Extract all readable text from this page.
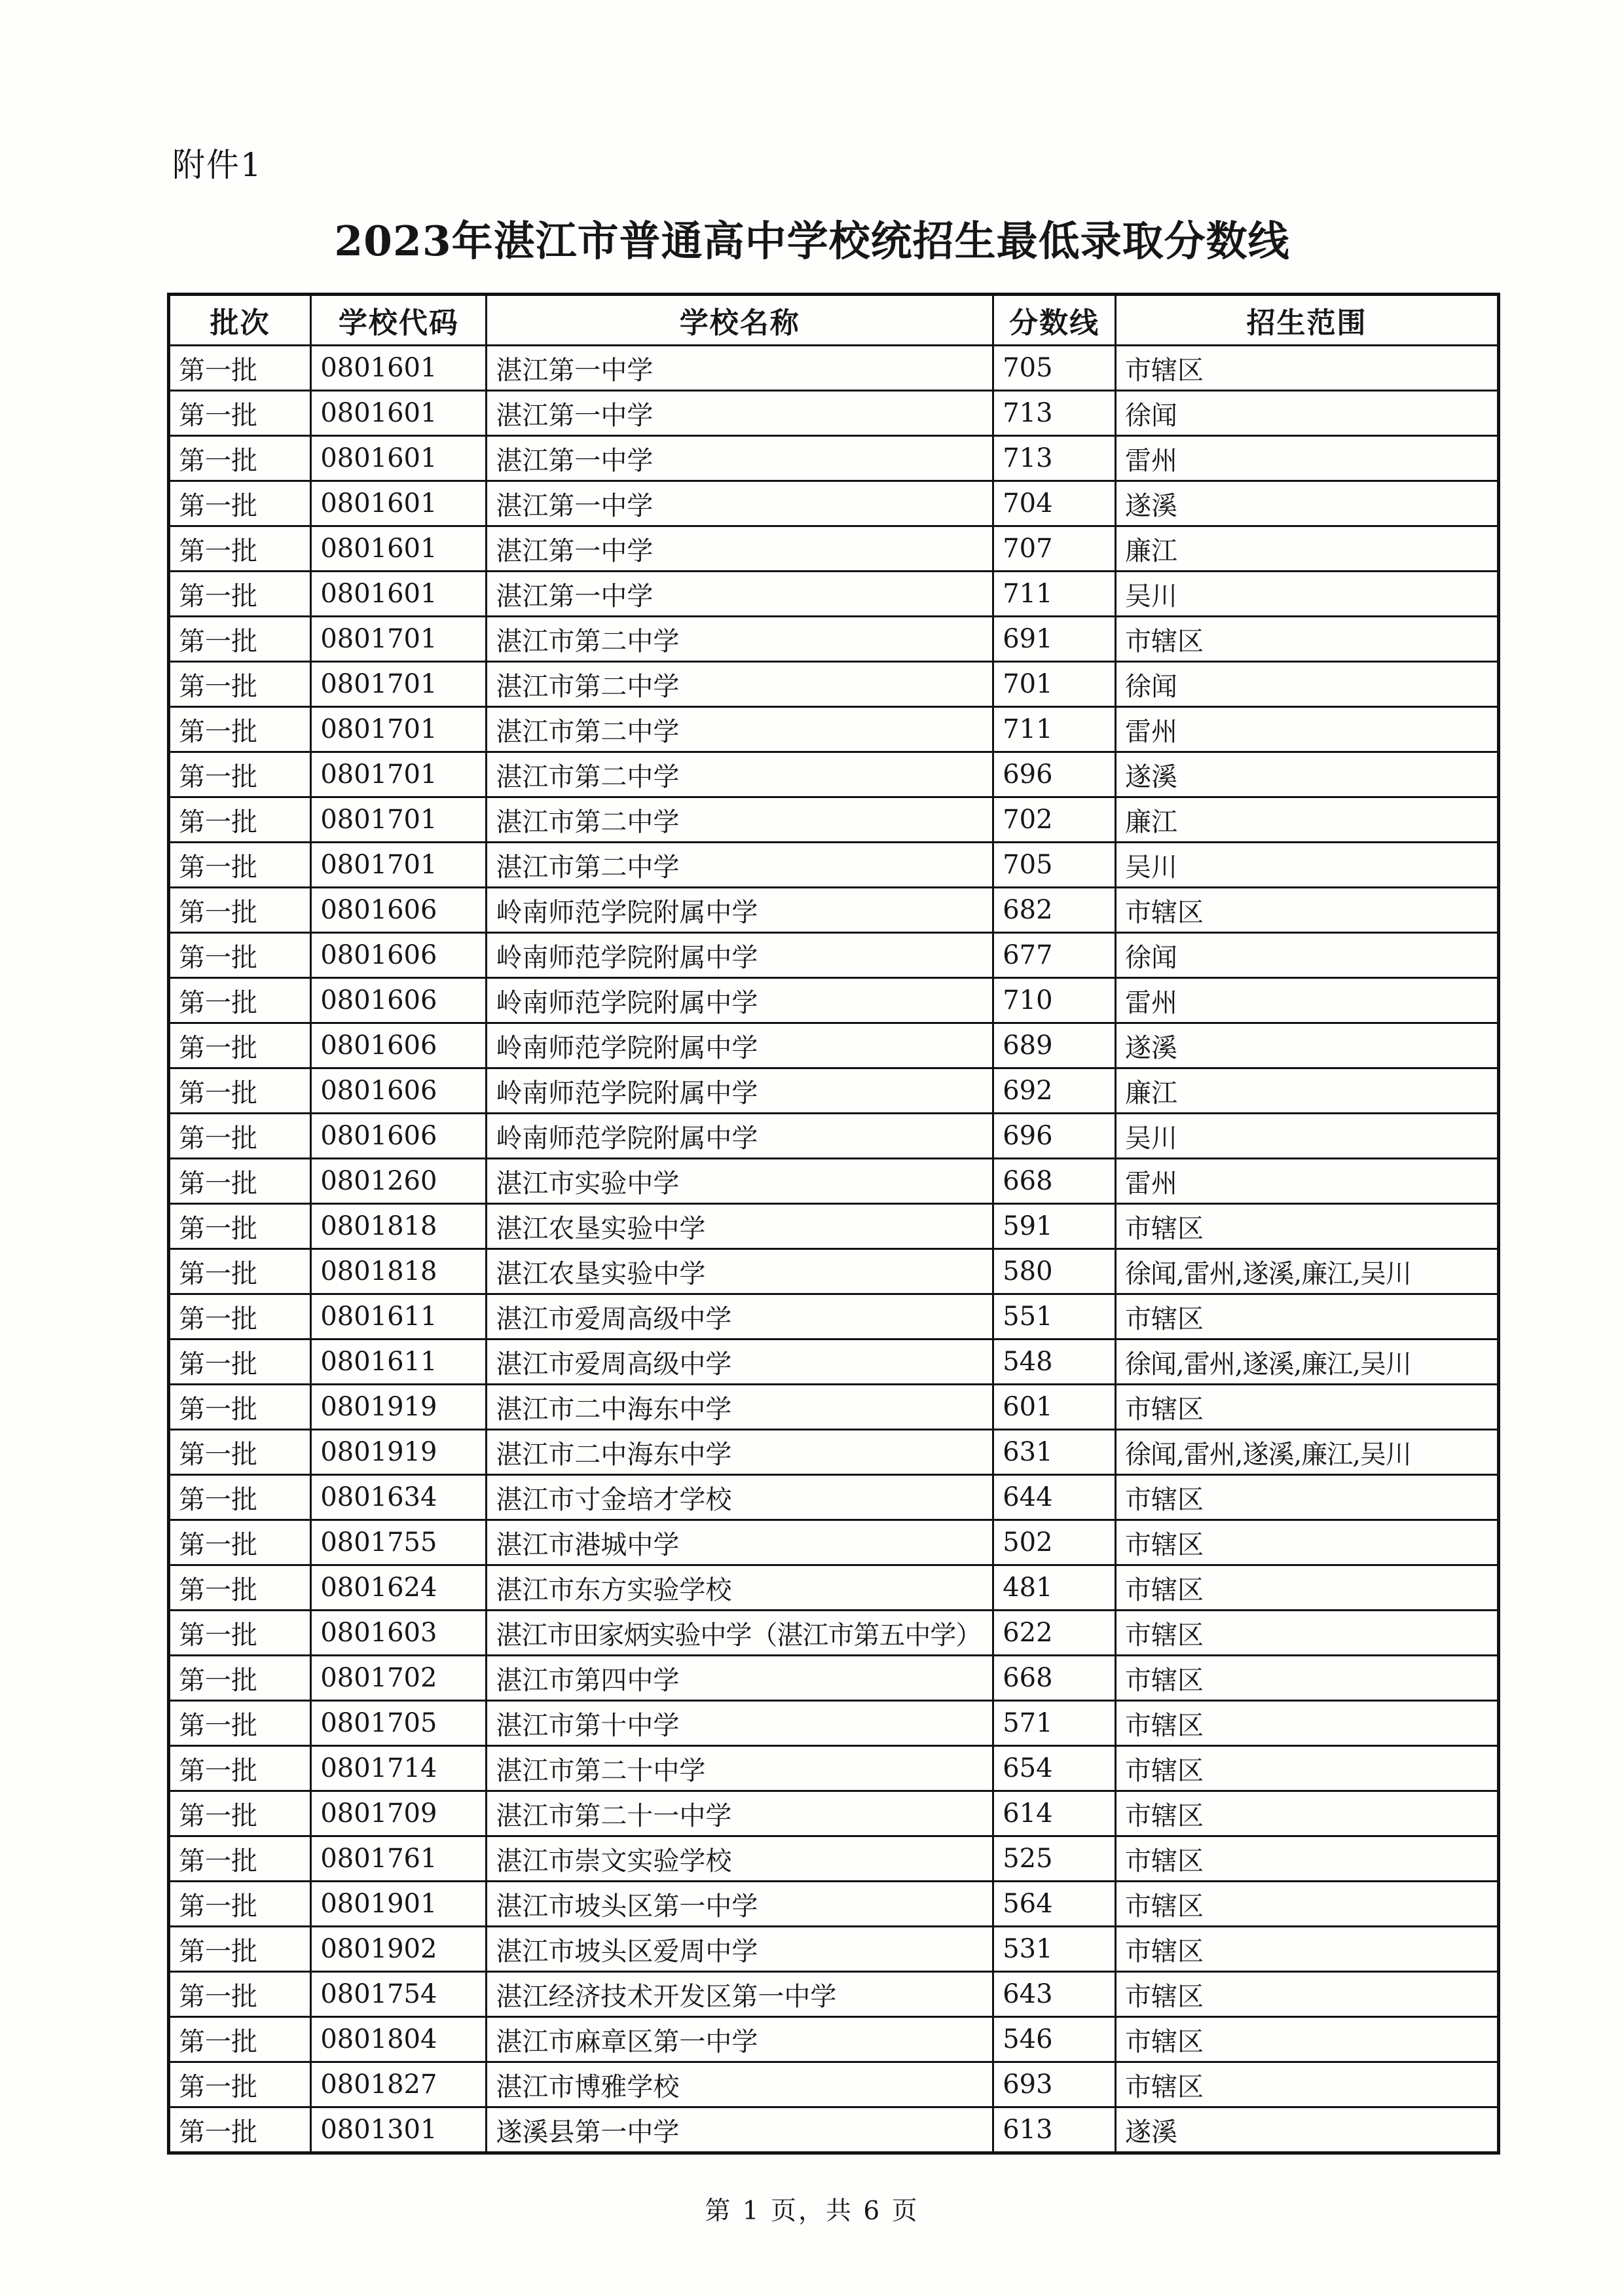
附件1
2023年湛江市普通高中学校统招生最低录取分数线
批次	学校代码	学校名称	分数线	招生范围
第一批	0801601	湛江第一中学	705	市辖区
第一批	0801601	湛江第一中学	713	徐闻
第一批	0801601	湛江第一中学	713	雷州
第一批	0801601	湛江第一中学	704	遂溪
第一批	0801601	湛江第一中学	707	廉江
第一批	0801601	湛江第一中学	711	吴川
第一批	0801701	湛江市第二中学	691	市辖区
第一批	0801701	湛江市第二中学	701	徐闻
第一批	0801701	湛江市第二中学	711	雷州
第一批	0801701	湛江市第二中学	696	遂溪
第一批	0801701	湛江市第二中学	702	廉江
第一批	0801701	湛江市第二中学	705	吴川
第一批	0801606	岭南师范学院附属中学	682	市辖区
第一批	0801606	岭南师范学院附属中学	677	徐闻
第一批	0801606	岭南师范学院附属中学	710	雷州
第一批	0801606	岭南师范学院附属中学	689	遂溪
第一批	0801606	岭南师范学院附属中学	692	廉江
第一批	0801606	岭南师范学院附属中学	696	吴川
第一批	0801260	湛江市实验中学	668	雷州
第一批	0801818	湛江农垦实验中学	591	市辖区
第一批	0801818	湛江农垦实验中学	580	徐闻,雷州,遂溪,廉江,吴川
第一批	0801611	湛江市爱周高级中学	551	市辖区
第一批	0801611	湛江市爱周高级中学	548	徐闻,雷州,遂溪,廉江,吴川
第一批	0801919	湛江市二中海东中学	601	市辖区
第一批	0801919	湛江市二中海东中学	631	徐闻,雷州,遂溪,廉江,吴川
第一批	0801634	湛江市寸金培才学校	644	市辖区
第一批	0801755	湛江市港城中学	502	市辖区
第一批	0801624	湛江市东方实验学校	481	市辖区
第一批	0801603	湛江市田家炳实验中学（湛江市第五中学）	622	市辖区
第一批	0801702	湛江市第四中学	668	市辖区
第一批	0801705	湛江市第十中学	571	市辖区
第一批	0801714	湛江市第二十中学	654	市辖区
第一批	0801709	湛江市第二十一中学	614	市辖区
第一批	0801761	湛江市崇文实验学校	525	市辖区
第一批	0801901	湛江市坡头区第一中学	564	市辖区
第一批	0801902	湛江市坡头区爱周中学	531	市辖区
第一批	0801754	湛江经济技术开发区第一中学	643	市辖区
第一批	0801804	湛江市麻章区第一中学	546	市辖区
第一批	0801827	湛江市博雅学校	693	市辖区
第一批	0801301	遂溪县第一中学	613	遂溪
第 1 页，共 6 页
